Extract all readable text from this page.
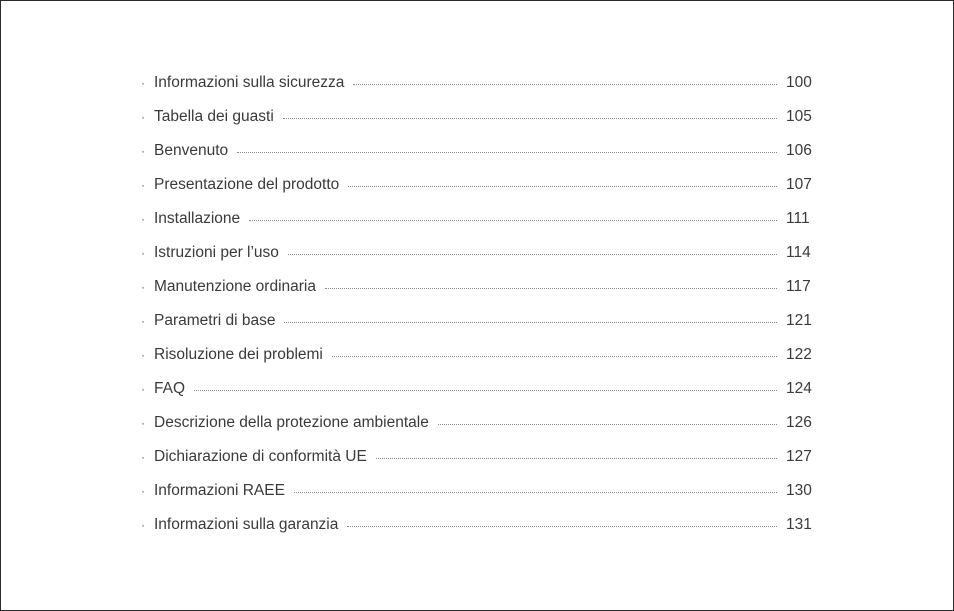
· Informazioni sulla sicurezza	100
· Tabella dei guasti	105
· Benvenuto	106
· Presentazione del prodotto	107
· Installazione	111
· Istruzioni per l’uso	114
· Manutenzione ordinaria	117
· Parametri di base	121
· Risoluzione dei problemi	122
· FAQ	124
· Descrizione della protezione ambientale	126
· Dichiarazione di conformità UE	127
· Informazioni RAEE	130
· Informazioni sulla garanzia	131
